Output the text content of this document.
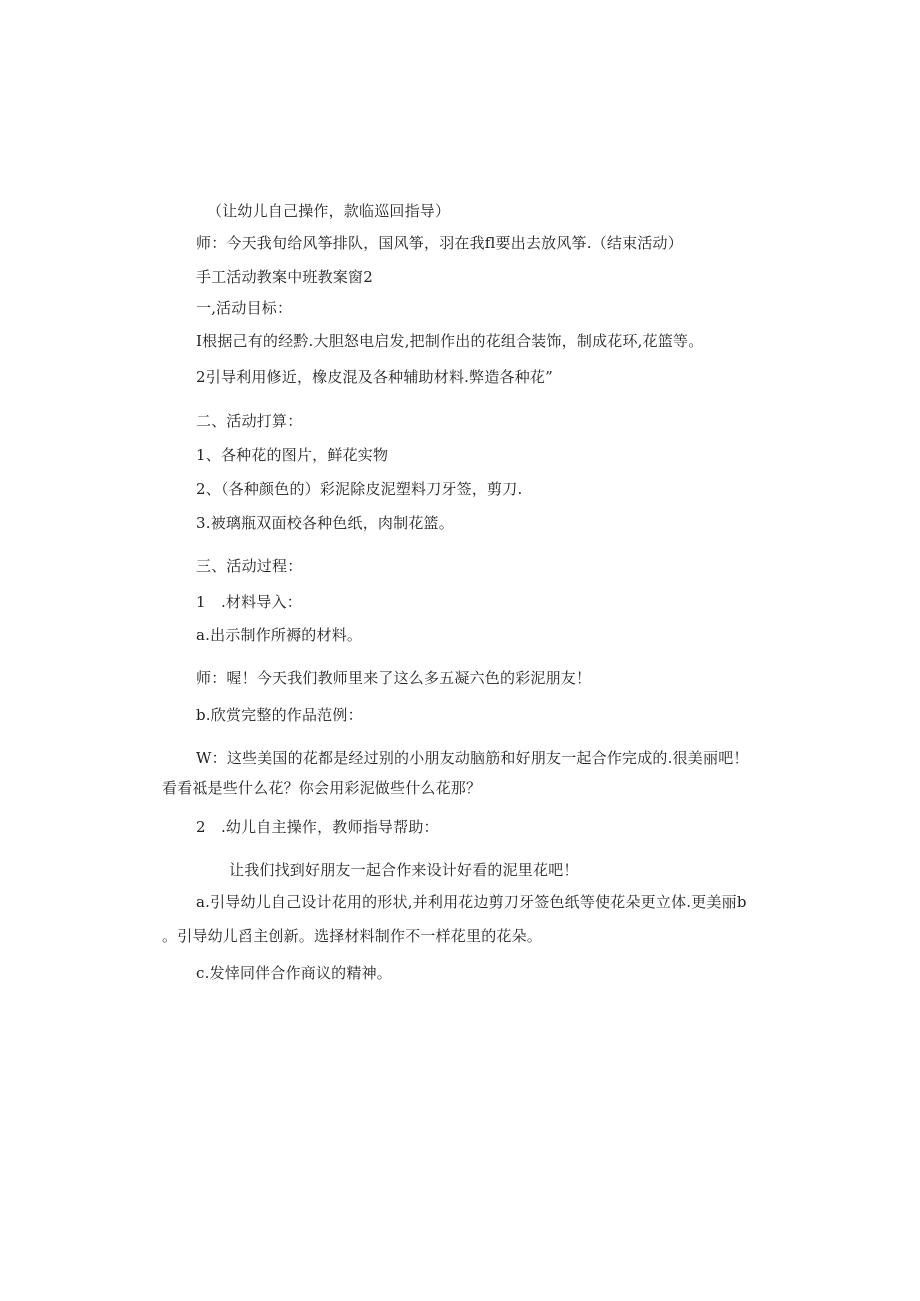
（让幼儿自己操作，款临巡回指导）
师：今天我旬给风筝排队，国风筝，羽在我fl要出去放风筝.（结束活动）
手工活动教案中班教案窗2
一,活动目标：
I根据己有的经黔.大胆怒电启发,把制作出的花组合装饰，制成花环,花篮等。
2引导利用修近，橡皮混及各种辅助材料.弊造各种花”
二、活动打算：
1、各种花的图片，鲜花实物
2、（各种颜色的）彩泥除皮泥塑料刀牙签，剪刀.
3.被璃瓶双面校各种色纸，肉制花篮。
三、活动过程：
1　.材料导入：
a.出示制作所褥的材料。
师：喔！今天我们教师里来了这么多五凝六色的彩泥朋友！
b.欣赏完整的作品范例：
W：这些美国的花都是经过别的小朋友动脑筋和好朋友一起合作完成的.很美丽吧！
看看祗是些什么花？你会用彩泥做些什么花那？
2　.幼儿自主操作，教师指导帮助：
让我们找到好朋友一起合作来设计好看的泥里花吧！
a.引导幼儿自己设计花用的形状,并利用花边剪刀牙签色纸等使花朵更立体.更美丽b
。引导幼儿舀主创新。选择材料制作不一样花里的花朵。
c.发悻同伴合作商议的精神。
